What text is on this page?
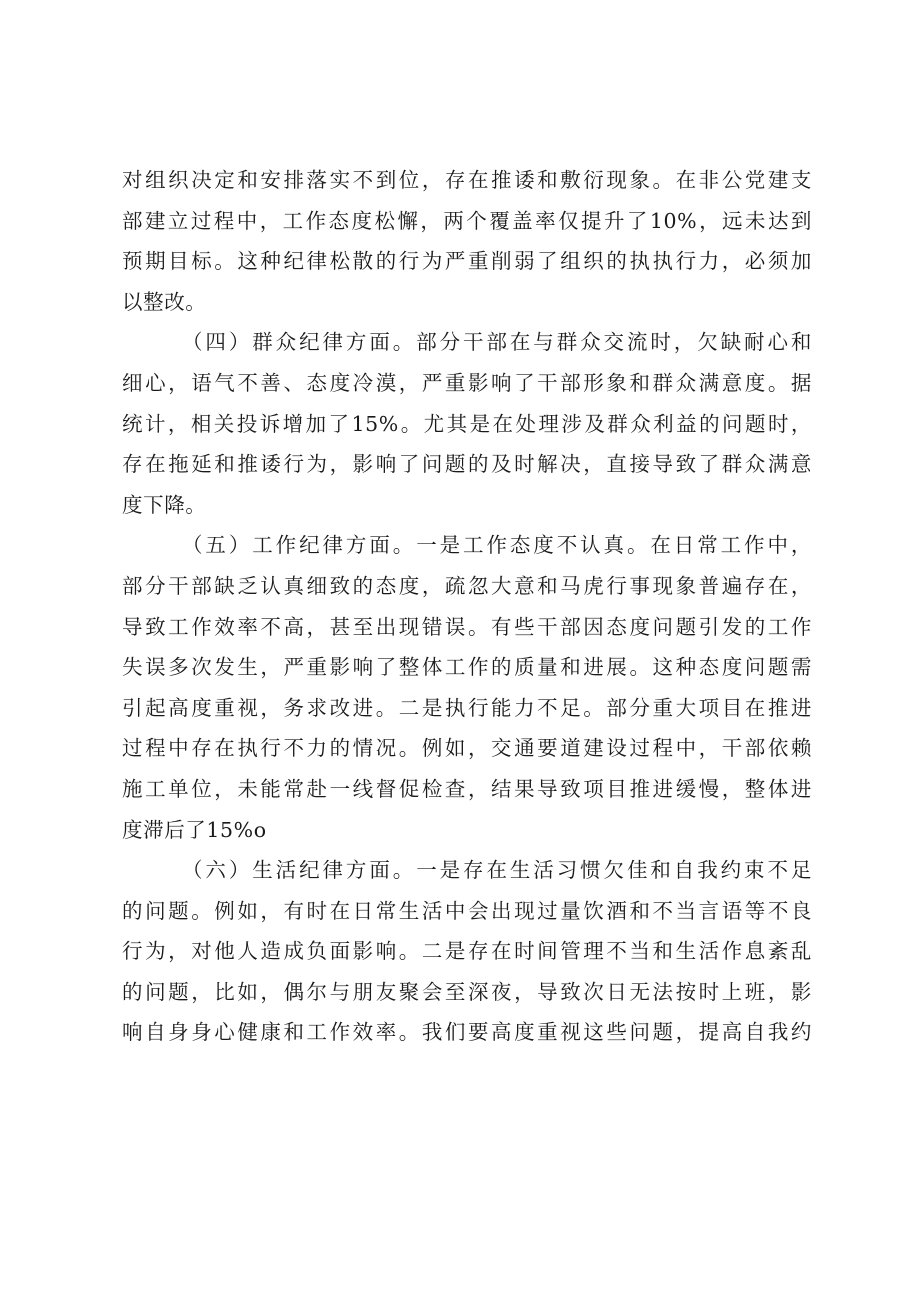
对组织决定和安排落实不到位，存在推诿和敷衍现象。在非公党建支
部建立过程中，工作态度松懈，两个覆盖率仅提升了10%，远未达到
预期目标。这种纪律松散的行为严重削弱了组织的执执行力，必须加
以整改。
（四）群众纪律方面。部分干部在与群众交流时，欠缺耐心和
细心，语气不善、态度冷漠，严重影响了干部形象和群众满意度。据
统计，相关投诉增加了15%。尤其是在处理涉及群众利益的问题时，
存在拖延和推诿行为，影响了问题的及时解决，直接导致了群众满意
度下降。
（五）工作纪律方面。一是工作态度不认真。在日常工作中，
部分干部缺乏认真细致的态度，疏忽大意和马虎行事现象普遍存在，
导致工作效率不高，甚至出现错误。有些干部因态度问题引发的工作
失误多次发生，严重影响了整体工作的质量和进展。这种态度问题需
引起高度重视，务求改进。二是执行能力不足。部分重大项目在推进
过程中存在执行不力的情况。例如，交通要道建设过程中，干部依赖
施工单位，未能常赴一线督促检查，结果导致项目推进缓慢，整体进
度滞后了15%o
（六）生活纪律方面。一是存在生活习惯欠佳和自我约束不足
的问题。例如，有时在日常生活中会出现过量饮酒和不当言语等不良
行为，对他人造成负面影响。二是存在时间管理不当和生活作息紊乱
的问题，比如，偶尔与朋友聚会至深夜，导致次日无法按时上班，影
响自身身心健康和工作效率。我们要高度重视这些问题，提高自我约
